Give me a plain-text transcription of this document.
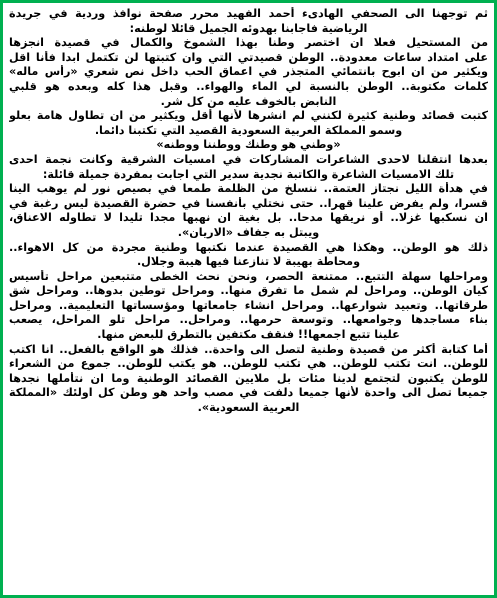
ثم توجهنا الى الصحفي الهادىء أحمد الفهيد محرر صفحة نوافذ وردية في جريدة
الرياضية فاجابنا بهدوئه الجميل قائلا لوطنه:
من المستحيل فعلا ان اختصر وطنا بهذا الشموخ والكمال في قصيدة انجزها
على امتداد ساعات معدودة.. الوطن قصيدتي التي وان كتبتها لن تكتمل ابدا فأنا اقل
ويكثير من ان ابوح بانتمائي المتجذر في اعماق الحب داخل نص شعري «رأس ماله»
كلمات مكتوبة.. الوطن بالنسبة لي الماء والهواء.. وقبل هذا كله وبعده هو قلبي
النابض بالخوف عليه من كل شر.
كتبت قصائد وطنية كثيرة لكنني لم انشرها لأنها أقل ويكثير من ان تطاول هامة بعلو
وسمو المملكة العربية السعودية القصيد التي تكتبنا دائما.
«وطني هو وطنك ووطننا ووطنه»
بعدها انتقلنا لاحدى الشاعرات المشاركات في امسيات الشرقية وكانت نجمة احدى
تلك الامسيات الشاعرة والكاتبة نجدية سدير التي اجابت بمفردة جميلة قائلة:
في هدأة الليل نجتاز العتمة.. ننسلخ من الظلمة طمعا في بصيص نور لم يوهب الينا
قسرا، ولم يفرض علينا قهرا.. حتى نختلي بأنفسنا في حضرة القصيدة ليس رغبة في
ان نسكبها غزلا.. أو نريقها مدحا.. بل بغية ان نهبها مجدا تليدا لا تطاوله الاعناق،
ويبتل به جفاف «الاريان».
ذلك هو الوطن.. وهكذا هي القصيدة عندما نكتبها وطنية مجردة من كل الاهواء..
ومحاطة بهيبة لا تنازعنا فيها هيبة وجلال.
ومراحلها سهلة التتبع.. ممتنعة الحصر، ونحن نحث الخطى متتبعين مراحل تأسيس
كيان الوطن.. ومراحل لم شمل ما تفرق منها.. ومراحل توطين بدوها.. ومراحل شق
طرقاتها.. وتعبيد شوارعها.. ومراحل انشاء جامعاتها ومؤسساتها التعليمية.. ومراحل
بناء مساجدها وجوامعها.. وتوسعة حرمها.. ومراحل.. مراحل تلو المراحل، يصعب
علينا تتبع اجمعها!! فنقف مكتفين بالتطرق للبعض منها.
أما كتابة أكثر من قصيدة وطنية لتصل الى واحدة.. فذلك هو الواقع بالفعل.. انا اكتب
للوطن.. انت تكتب للوطن.. هي تكتب للوطن.. هو يكتب للوطن.. جموع من الشعراء
للوطن يكتبون لتجتمع لدينا مئات بل ملايين القصائد الوطنية وما ان نتأملها نجدها
جميعا تصل الى واحدة لأنها جميعا دلفت في مصب واحد هو وطن كل اولئك «المملكة
العربية السعودية».
